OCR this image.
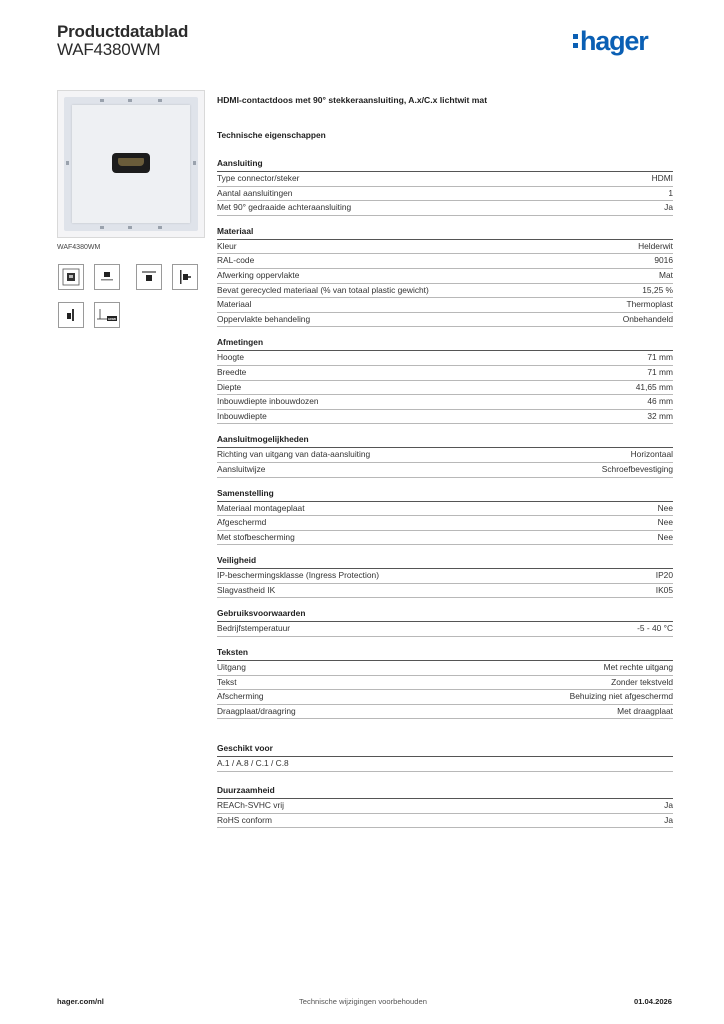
Productdatablad
WAF4380WM	hager
WAF4380WM
HDMI
HDMI-contactdoos met 90° stekkeraansluiting, A.x/C.x lichtwit mat
Technische eigenschappen
Aansluiting
Type connector/steker	HDMI
Aantal aansluitingen	1
Met 90° gedraaide achteraansluiting	Ja
Materiaal
Kleur	Helderwit
RAL-code	9016
Afwerking oppervlakte	Mat
Bevat gerecycled materiaal (% van totaal plastic gewicht)	15,25 %
Materiaal	Thermoplast
Oppervlakte behandeling	Onbehandeld
Afmetingen
Hoogte	71 mm
Breedte	71 mm
Diepte	41,65 mm
Inbouwdiepte inbouwdozen	46 mm
Inbouwdiepte	32 mm
Aansluitmogelijkheden
Richting van uitgang van data-aansluiting	Horizontaal
Aansluitwijze	Schroefbevestiging
Samenstelling
Materiaal montageplaat	Nee
Afgeschermd	Nee
Met stofbescherming	Nee
Veiligheid
IP-beschermingsklasse (Ingress Protection)	IP20
Slagvastheid IK	IK05
Gebruiksvoorwaarden
Bedrijfstemperatuur	-5 - 40 °C
Teksten
Uitgang	Met rechte uitgang
Tekst	Zonder tekstveld
Afscherming	Behuizing niet afgeschermd
Draagplaat/draagring	Met draagplaat
Geschikt voor
A.1 / A.8 / C.1 / C.8
Duurzaamheid
REACh-SVHC vrij	Ja
RoHS conform	Ja
hager.com/nl	Technische wijzigingen voorbehouden	01.04.2026
